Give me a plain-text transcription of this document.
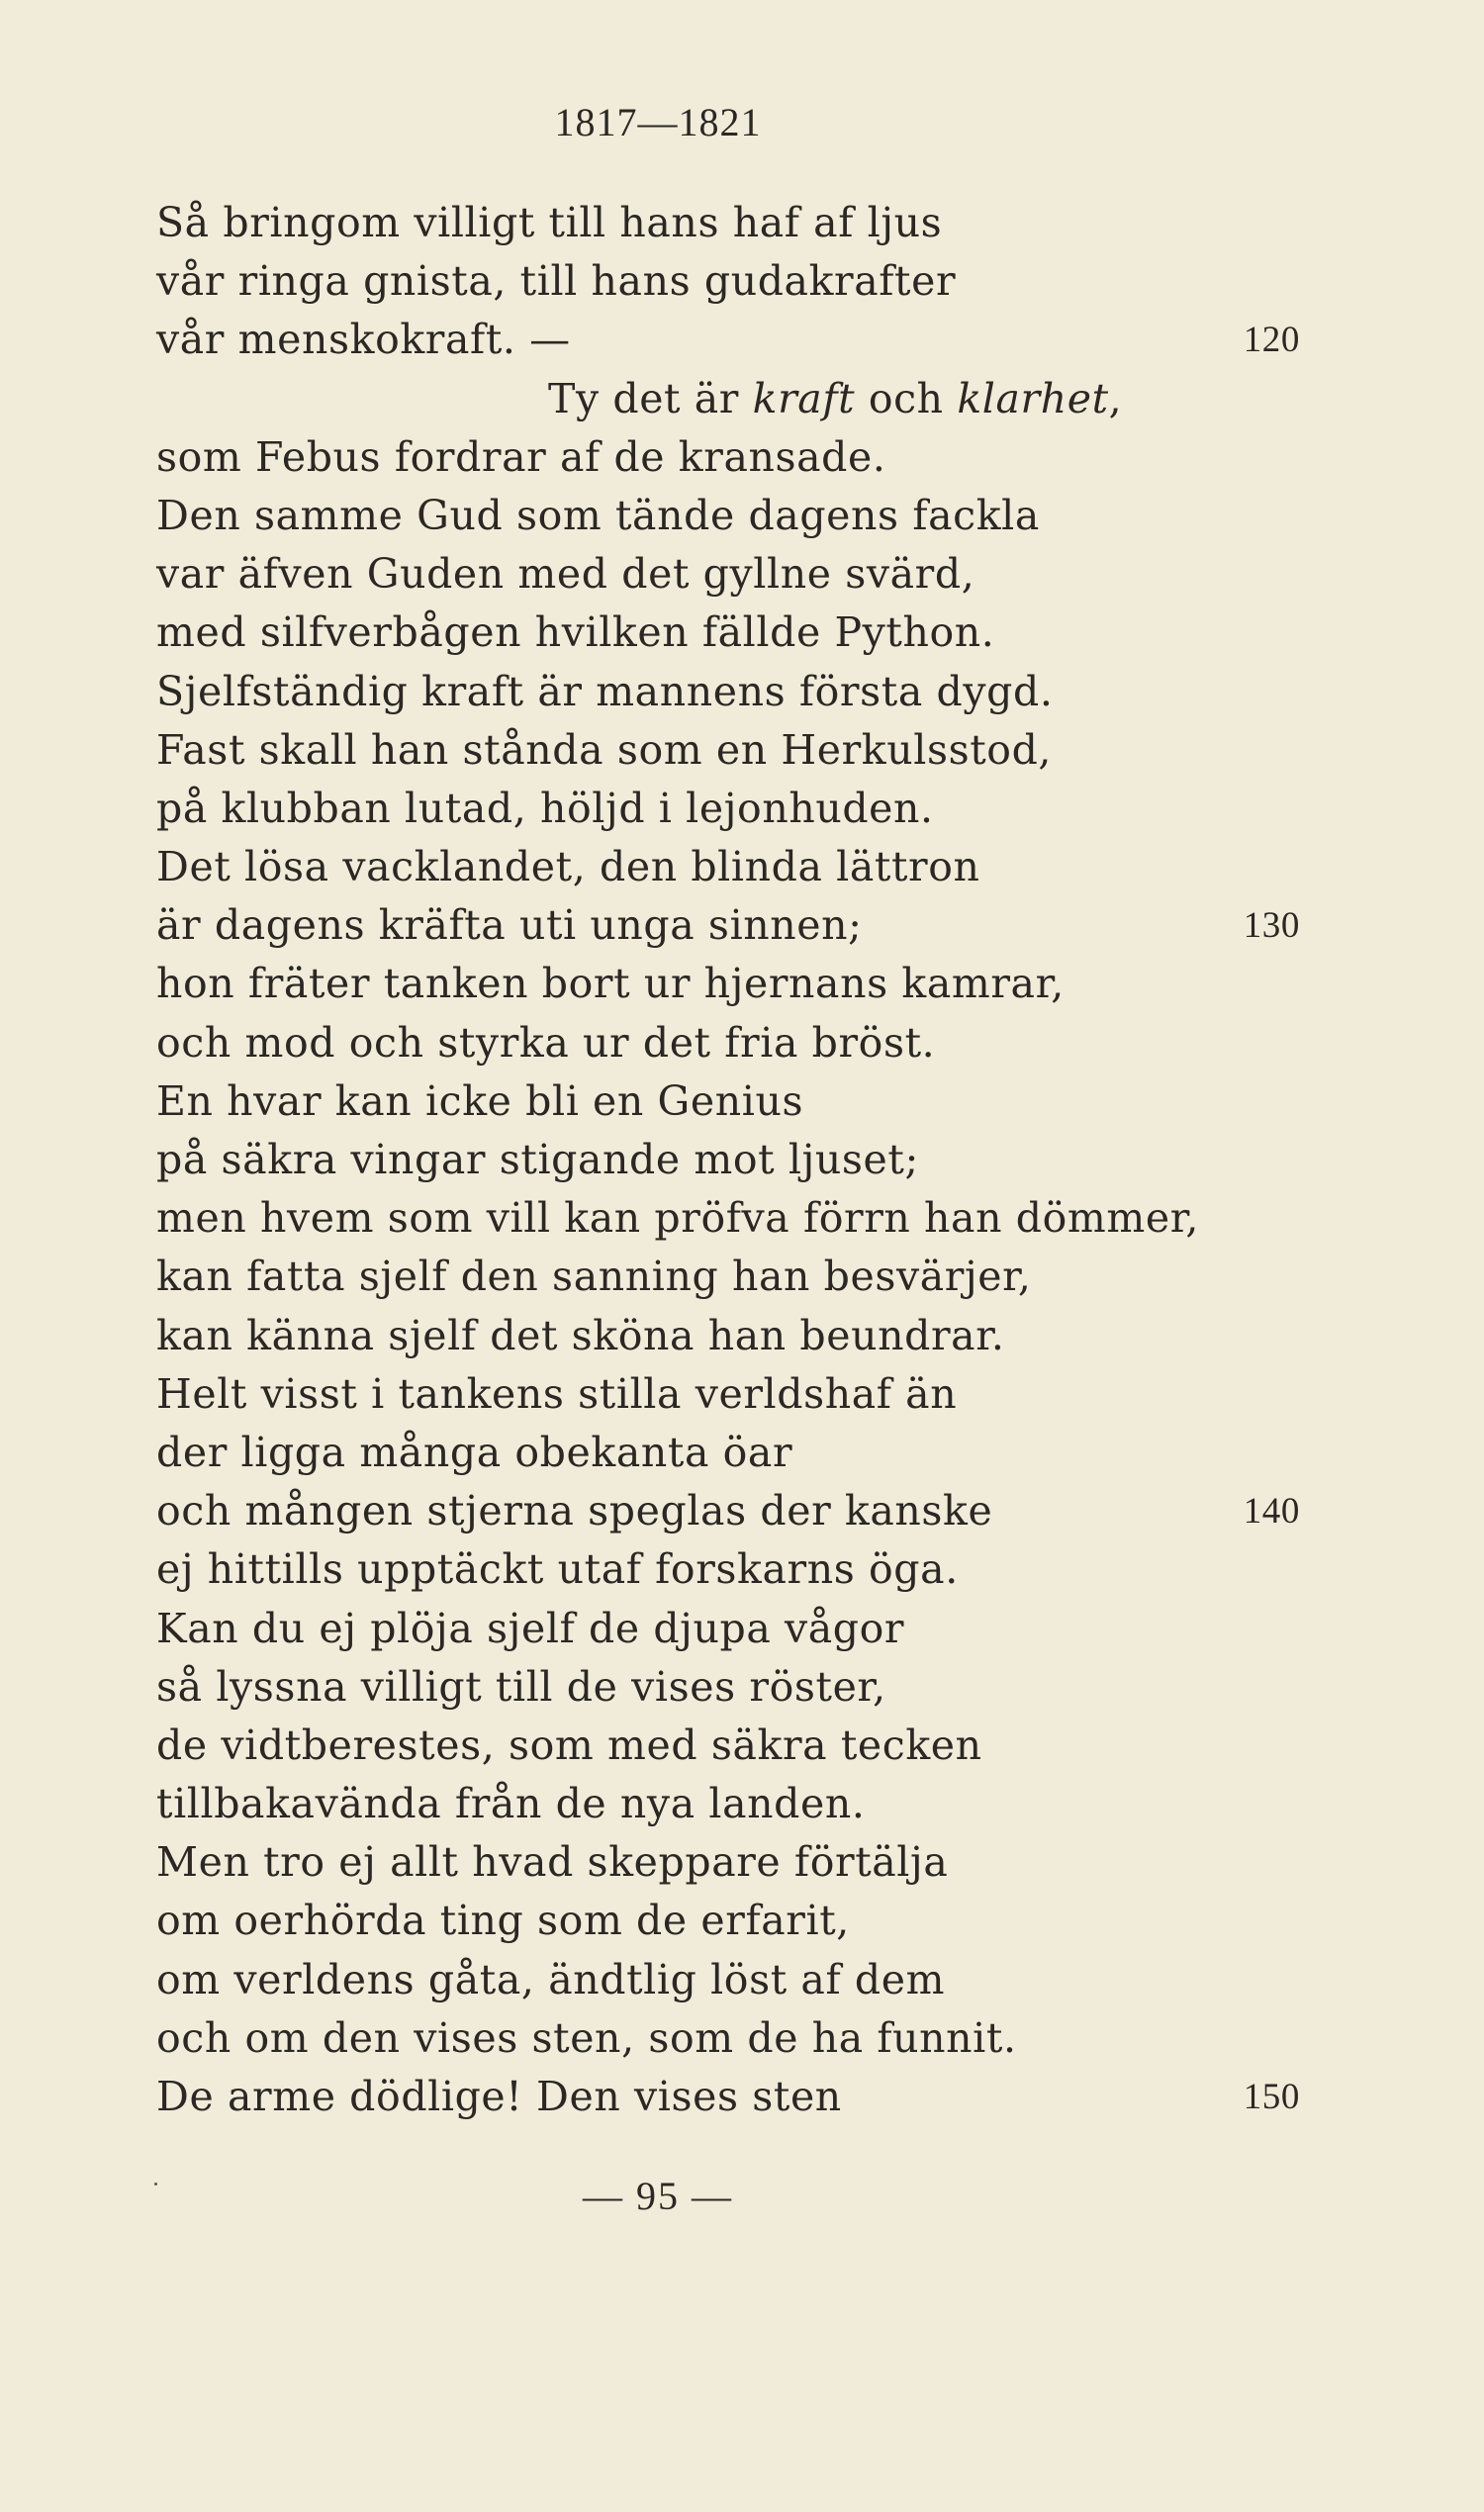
1817—1821
Så bringom villigt till hans haf af ljus
vår ringa gnista, till hans gudakrafter
vår menskokraft. —	120
Ty det är kraft och klarhet,
som Febus fordrar af de kransade.
Den samme Gud som tände dagens fackla
var äfven Guden med det gyllne svärd,
med silfverbågen hvilken fällde Python.
Sjelfständig kraft är mannens första dygd.
Fast skall han stånda som en Herkulsstod,
på klubban lutad, höljd i lejonhuden.
Det lösa vacklandet, den blinda lättron
är dagens kräfta uti unga sinnen;	130
hon fräter tanken bort ur hjernans kamrar,
och mod och styrka ur det fria bröst.
En hvar kan icke bli en Genius
på säkra vingar stigande mot ljuset;
men hvem som vill kan pröfva förrn han dömmer,
kan fatta sjelf den sanning han besvärjer,
kan känna sjelf det sköna han beundrar.
Helt visst i tankens stilla verldshaf än
der ligga många obekanta öar
och mången stjerna speglas der kanske	140
ej hittills upptäckt utaf forskarns öga.
Kan du ej plöja sjelf de djupa vågor
så lyssna villigt till de vises röster,
de vidtberestes, som med säkra tecken
tillbakavända från de nya landen.
Men tro ej allt hvad skeppare förtälja
om oerhörda ting som de erfarit,
om verldens gåta, ändtlig löst af dem
och om den vises sten, som de ha funnit.
De arme dödlige! Den vises sten	150
— 95 —
